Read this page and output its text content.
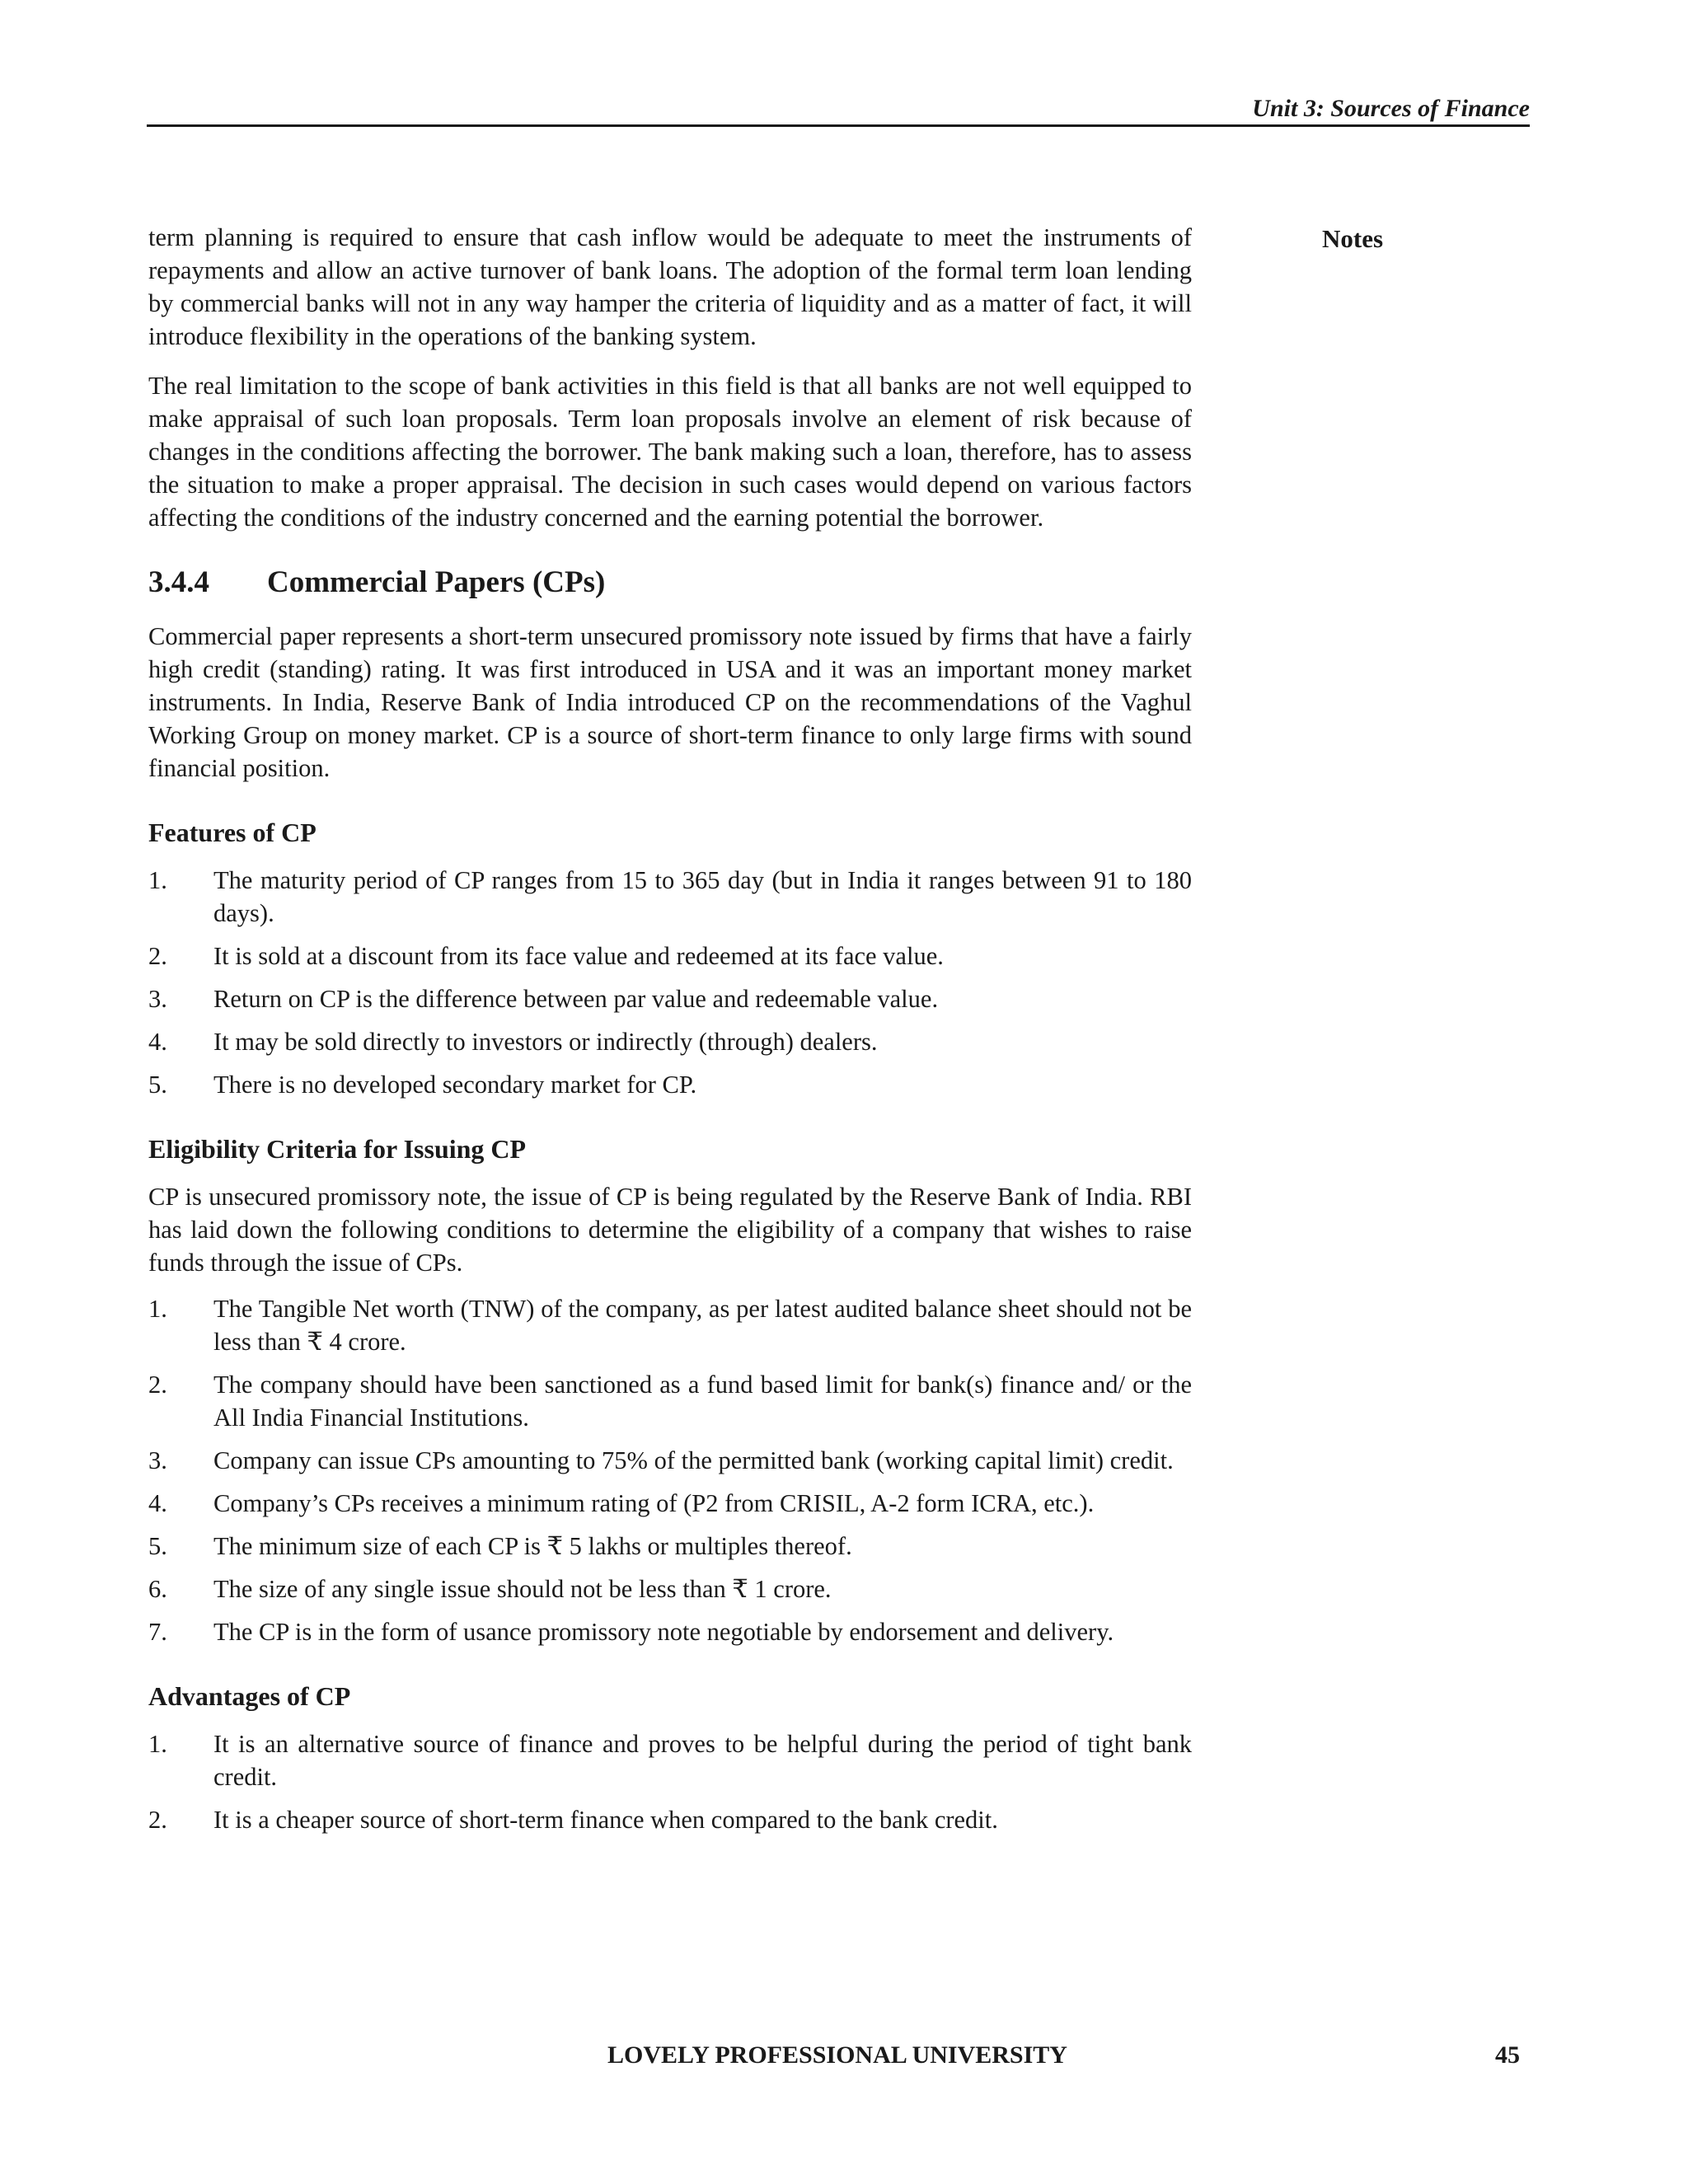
Unit 3: Sources of Finance
Notes

term planning is required to ensure that cash inflow would be adequate to meet the instruments of repayments and allow an active turnover of bank loans. The adoption of the formal term loan lending by commercial banks will not in any way hamper the criteria of liquidity and as a matter of fact, it will introduce flexibility in the operations of the banking system.

The real limitation to the scope of bank activities in this field is that all banks are not well equipped to make appraisal of such loan proposals. Term loan proposals involve an element of risk because of changes in the conditions affecting the borrower. The bank making such a loan, therefore, has to assess the situation to make a proper appraisal. The decision in such cases would depend on various factors affecting the conditions of the industry concerned and the earning potential the borrower.

3.4.4 Commercial Papers (CPs)

Commercial paper represents a short-term unsecured promissory note issued by firms that have a fairly high credit (standing) rating. It was first introduced in USA and it was an important money market instruments. In India, Reserve Bank of India introduced CP on the recommendations of the Vaghul Working Group on money market. CP is a source of short-term finance to only large firms with sound financial position.

Features of CP
1.	The maturity period of CP ranges from 15 to 365 day (but in India it ranges between 91 to 180 days).
2.	It is sold at a discount from its face value and redeemed at its face value.
3.	Return on CP is the difference between par value and redeemable value.
4.	It may be sold directly to investors or indirectly (through) dealers.
5.	There is no developed secondary market for CP.
Eligibility Criteria for Issuing CP

CP is unsecured promissory note, the issue of CP is being regulated by the Reserve Bank of India. RBI has laid down the following conditions to determine the eligibility of a company that wishes to raise funds through the issue of CPs.

1.	The Tangible Net worth (TNW) of the company, as per latest audited balance sheet should not be less than ₹ 4 crore.
2.	The company should have been sanctioned as a fund based limit for bank(s) finance and/ or the All India Financial Institutions.
3.	Company can issue CPs amounting to 75% of the permitted bank (working capital limit) credit.
4.	Company’s CPs receives a minimum rating of (P2 from CRISIL, A-2 form ICRA, etc.).
5.	The minimum size of each CP is ₹ 5 lakhs or multiples thereof.
6.	The size of any single issue should not be less than ₹ 1 crore.
7.	The CP is in the form of usance promissory note negotiable by endorsement and delivery.
Advantages of CP
1.	It is an alternative source of finance and proves to be helpful during the period of tight bank credit.
2.	It is a cheaper source of short-term finance when compared to the bank credit.
LOVELY PROFESSIONAL UNIVERSITY	45
